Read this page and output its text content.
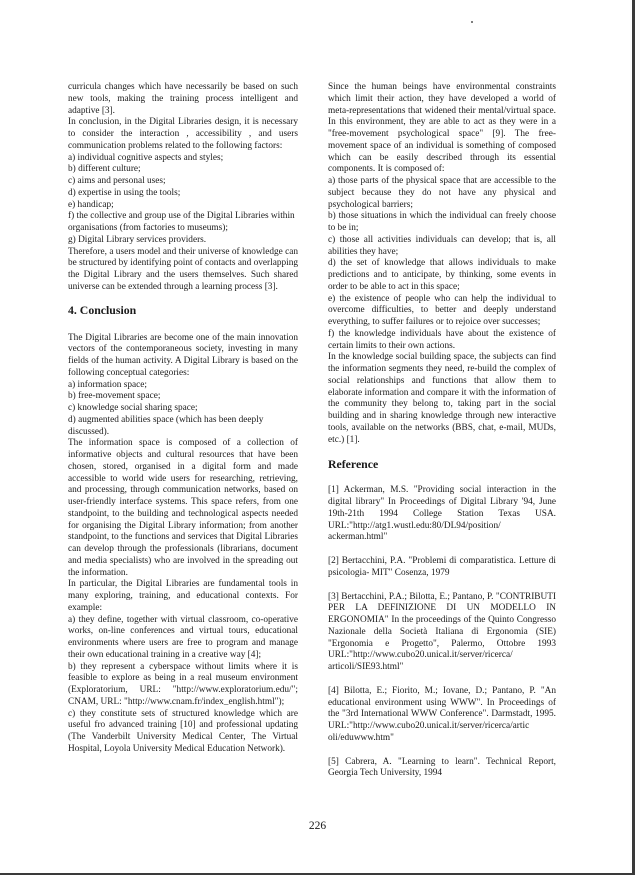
curricula changes which have necessarily be based on such new tools, making the training process intelligent and adaptive [3].

In conclusion, in the Digital Libraries design, it is necessary to consider the interaction , accessibility , and users communication problems related to the following factors:

a) individual cognitive aspects and styles;

b) different culture;

c) aims and personal uses;

d) expertise in using the tools;

e) handicap;

f) the collective and group use of the Digital Libraries within organisations (from factories to museums);

g) Digital Library services providers.

Therefore, a users model and their universe of knowledge can be structured by identifying point of contacts and overlapping the Digital Library and the users themselves. Such shared universe can be extended through a learning process [3].

4. Conclusion

The Digital Libraries are become one of the main innovation vectors of the contemporaneous society, investing in many fields of the human activity. A Digital Library is based on the following conceptual categories:

a) information space;

b) free-movement space;

c) knowledge social sharing space;

d) augmented abilities space (which has been deeply discussed).

The information space is composed of a collection of informative objects and cultural resources that have been chosen, stored, organised in a digital form and made accessible to world wide users for researching, retrieving, and processing, through communication networks, based on user-friendly interface systems. This space refers, from one standpoint, to the building and technological aspects needed for organising the Digital Library information; from another standpoint, to the functions and services that Digital Libraries can develop through the professionals (librarians, document and media specialists) who are involved in the spreading out the information.

In particular, the Digital Libraries are fundamental tools in many exploring, training, and educational contexts. For example:

a) they define, together with virtual classroom, co-operative works, on-line conferences and virtual tours, educational environments where users are free to program and manage their own educational training in a creative way [4];

b) they represent a cyberspace without limits where it is feasible to explore as being in a real museum environment (Exploratorium, URL: "http://www.exploratorium.edu/"; CNAM, URL: "http://www.cnam.fr/index_english.html");

c) they constitute sets of structured knowledge which are useful fro advanced training [10] and professional updating (The Vanderbilt University Medical Center, The Virtual Hospital, Loyola University Medical Education Network).

Since the human beings have environmental constraints which limit their action, they have developed a world of meta-representations that widened their mental/virtual space. In this environment, they are able to act as they were in a "free-movement psychological space" [9]. The free-movement space of an individual is something of composed which can be easily described through its essential components. It is composed of:

a) those parts of the physical space that are accessible to the subject because they do not have any physical and psychological barriers;

b) those situations in which the individual can freely choose to be in;

c) those all activities individuals can develop; that is, all abilities they have;

d) the set of knowledge that allows individuals to make predictions and to anticipate, by thinking, some events in order to be able to act in this space;

e) the existence of people who can help the individual to overcome difficulties, to better and deeply understand everything, to suffer failures or to rejoice over successes;

f) the knowledge individuals have about the existence of certain limits to their own actions.

In the knowledge social building space, the subjects can find the information segments they need, re-build the complex of social relationships and functions that allow them to elaborate information and compare it with the information of the community they belong to, taking part in the social building and in sharing knowledge through new interactive tools, available on the networks (BBS, chat, e-mail, MUDs, etc.) [1].

Reference

[1] Ackerman, M.S. "Providing social interaction in the digital library" In Proceedings of Digital Library '94, June 19th-21th 1994 College Station Texas USA. URL:"http://atg1.wustl.edu:80/DL94/position/ ackerman.html"

[2] Bertacchini, P.A. "Problemi di comparatistica. Letture di psicologia- MIT" Cosenza, 1979

[3] Bertacchini, P.A.; Bilotta, E.; Pantano, P. "CONTRIBUTI PER LA DEFINIZIONE DI UN MODELLO IN ERGONOMIA" In the proceedings of the Quinto Congresso Nazionale della Società Italiana di Ergonomia (SIE) "Ergonomia e Progetto", Palermo, Ottobre 1993 URL:"http://www.cubo20.unical.it/server/ricerca/ articoli/SIE93.html"

[4] Bilotta, E.; Fiorito, M.; Iovane, D.; Pantano, P. "An educational environment using WWW". In Proceedings of the "3rd International WWW Conference". Darmstadt, 1995. URL:"http://www.cubo20.unical.it/server/ricerca/artic oli/eduwww.htm"

[5] Cabrera, A. "Learning to learn". Technical Report, Georgia Tech University, 1994

226
